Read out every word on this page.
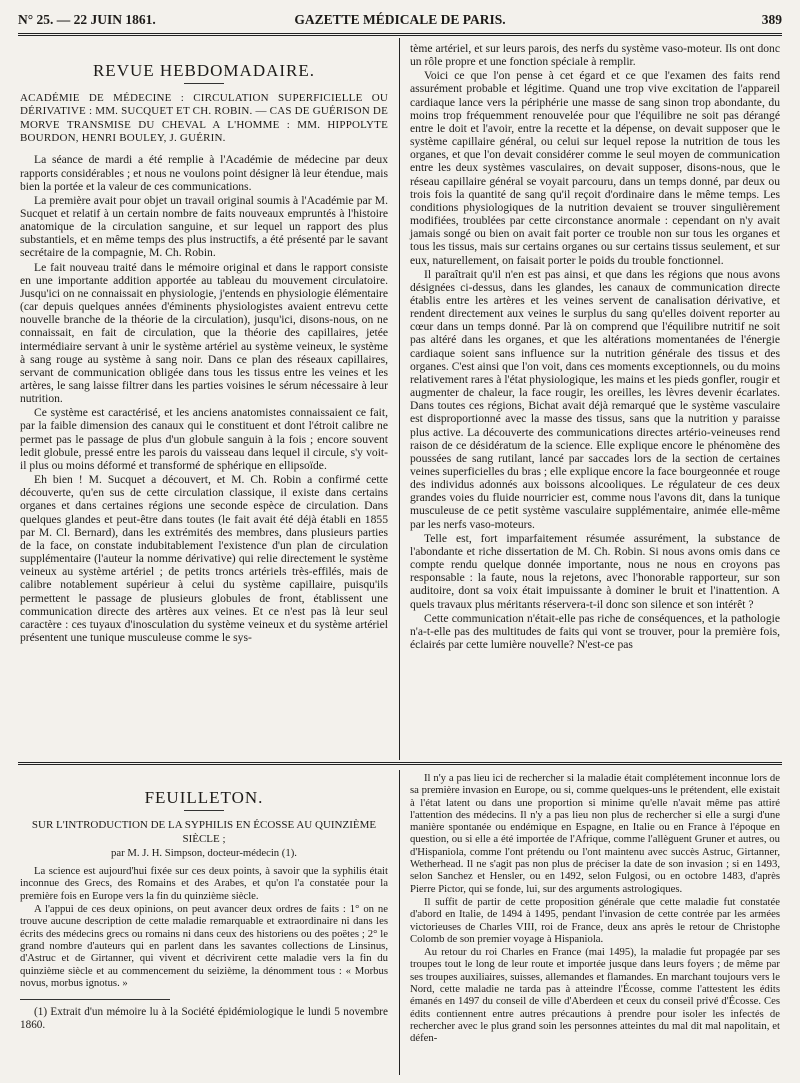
N° 25. — 22 JUIN 1861.	GAZETTE MÉDICALE DE PARIS.	389
REVUE HEBDOMADAIRE.

ACADÉMIE DE MÉDECINE : CIRCULATION SUPERFICIELLE OU DÉRIVATIVE : MM. SUCQUET ET CH. ROBIN. — CAS DE GUÉRISON DE MORVE TRANSMISE DU CHEVAL A L'HOMME : MM. HIPPOLYTE BOURDON, HENRI BOULEY, J. GUÉRIN.

La séance de mardi a été remplie à l'Académie de médecine par deux rapports considérables ; et nous ne voulons point désigner là leur étendue, mais bien la portée et la valeur de ces communications.

La première avait pour objet un travail original soumis à l'Académie par M. Sucquet et relatif à un certain nombre de faits nouveaux empruntés à l'histoire anatomique de la circulation sanguine, et sur lequel un rapport des plus substantiels, et en même temps des plus instructifs, a été présenté par le savant secrétaire de la compagnie, M. Ch. Robin.

Le fait nouveau traité dans le mémoire original et dans le rapport consiste en une importante addition apportée au tableau du mouvement circulatoire. Jusqu'ici on ne connaissait en physiologie, j'entends en physiologie élémentaire (car depuis quelques années d'éminents physiologistes avaient entrevu cette nouvelle branche de la théorie de la circulation), jusqu'ici, disons-nous, on ne connaissait, en fait de circulation, que la théorie des capillaires, jetée intermédiaire servant à unir le système artériel au système veineux, le système à sang rouge au système à sang noir. Dans ce plan des réseaux capillaires, servant de communication obligée dans tous les tissus entre les veines et les artères, le sang laisse filtrer dans les parties voisines le sérum nécessaire à leur nutrition.

Ce système est caractérisé, et les anciens anatomistes connaissaient ce fait, par la faible dimension des canaux qui le constituent et dont l'étroit calibre ne permet pas le passage de plus d'un globule sanguin à la fois ; encore souvent ledit globule, pressé entre les parois du vaisseau dans lequel il circule, s'y voit-il plus ou moins déformé et transformé de sphérique en ellipsoïde.

Eh bien ! M. Sucquet a découvert, et M. Ch. Robin a confirmé cette découverte, qu'en sus de cette circulation classique, il existe dans certains organes et dans certaines régions une seconde espèce de circulation. Dans quelques glandes et peut-être dans toutes (le fait avait été déjà établi en 1855 par M. Cl. Bernard), dans les extrémités des membres, dans plusieurs parties de la face, on constate indubitablement l'existence d'un plan de circulation supplémentaire (l'auteur la nomme dérivative) qui relie directement le système veineux au système artériel ; de petits troncs artériels très-effilés, mais de calibre notablement supérieur à celui du système capillaire, puisqu'ils permettent le passage de plusieurs globules de front, établissent une communication directe des artères aux veines. Et ce n'est pas là leur seul caractère : ces tuyaux d'inosculation du système veineux et du système artériel présentent une tunique musculeuse comme le sys-

tème artériel, et sur leurs parois, des nerfs du système vaso-moteur. Ils ont donc un rôle propre et une fonction spéciale à remplir.

Voici ce que l'on pense à cet égard et ce que l'examen des faits rend assurément probable et légitime. Quand une trop vive excitation de l'appareil cardiaque lance vers la périphérie une masse de sang sinon trop abondante, du moins trop fréquemment renouvelée pour que l'équilibre ne soit pas dérangé entre le doit et l'avoir, entre la recette et la dépense, on devait supposer que le système capillaire général, ou celui sur lequel repose la nutrition de tous les organes, et que l'on devait considérer comme le seul moyen de communication entre les deux systèmes vasculaires, on devait supposer, disons-nous, que le réseau capillaire général se voyait parcouru, dans un temps donné, par deux ou trois fois la quantité de sang qu'il reçoit d'ordinaire dans le même temps. Les conditions physiologiques de la nutrition devaient se trouver singulièrement modifiées, troublées par cette circonstance anormale : cependant on n'y avait jamais songé ou bien on avait fait porter ce trouble non sur tous les organes et tous les tissus, mais sur certains organes ou sur certains tissus seulement, et sur eux, naturellement, on faisait porter le poids du trouble fonctionnel.

Il paraîtrait qu'il n'en est pas ainsi, et que dans les régions que nous avons désignées ci-dessus, dans les glandes, les canaux de communication directe établis entre les artères et les veines servent de canalisation dérivative, et rendent directement aux veines le surplus du sang qu'elles doivent reporter au cœur dans un temps donné. Par là on comprend que l'équilibre nutritif ne soit pas altéré dans les organes, et que les altérations momentanées de l'énergie cardiaque soient sans influence sur la nutrition générale des tissus et des organes. C'est ainsi que l'on voit, dans ces moments exceptionnels, ou du moins relativement rares à l'état physiologique, les mains et les pieds gonfler, rougir et augmenter de chaleur, la face rougir, les oreilles, les lèvres devenir écarlates. Dans toutes ces régions, Bichat avait déjà remarqué que le système vasculaire est disproportionné avec la masse des tissus, sans que la nutrition y paraisse plus active. La découverte des communications directes artério-veineuses rend raison de ce désidératum de la science. Elle explique encore le phénomène des poussées de sang rutilant, lancé par saccades lors de la section de certaines veines superficielles du bras ; elle explique encore la face bourgeonnée et rouge des individus adonnés aux boissons alcooliques. Le régulateur de ces deux grandes voies du fluide nourricier est, comme nous l'avons dit, dans la tunique musculeuse de ce petit système vasculaire supplémentaire, animée elle-même par les nerfs vaso-moteurs.

Telle est, fort imparfaitement résumée assurément, la substance de l'abondante et riche dissertation de M. Ch. Robin. Si nous avons omis dans ce compte rendu quelque donnée importante, nous ne nous en croyons pas responsable : la faute, nous la rejetons, avec l'honorable rapporteur, sur son auditoire, dont sa voix était impuissante à dominer le bruit et l'inattention. A quels travaux plus méritants réservera-t-il donc son silence et son intérêt ?

Cette communication n'était-elle pas riche de conséquences, et la pathologie n'a-t-elle pas des multitudes de faits qui vont se trouver, pour la première fois, éclairés par cette lumière nouvelle? N'est-ce pas

FEUILLETON.

SUR L'INTRODUCTION DE LA SYPHILIS EN ÉCOSSE AU QUINZIÈME SIÈCLE ;

par M. J. H. Simpson, docteur-médecin (1).

La science est aujourd'hui fixée sur ces deux points, à savoir que la syphilis était inconnue des Grecs, des Romains et des Arabes, et qu'on l'a constatée pour la première fois en Europe vers la fin du quinzième siècle.

A l'appui de ces deux opinions, on peut avancer deux ordres de faits : 1° on ne trouve aucune description de cette maladie remarquable et extraordinaire ni dans les écrits des médecins grecs ou romains ni dans ceux des historiens ou des poëtes ; 2° le grand nombre d'auteurs qui en parlent dans les savantes collections de Linsinus, d'Astruc et de Girtanner, qui vivent et décrivirent cette maladie vers la fin du quinzième siècle et au commencement du seizième, la dénomment tous : « Morbus novus, morbus ignotus. »

(1) Extrait d'un mémoire lu à la Société épidémiologique le lundi 5 novembre 1860.

Il n'y a pas lieu ici de rechercher si la maladie était complétement inconnue lors de sa première invasion en Europe, ou si, comme quelques-uns le prétendent, elle existait à l'état latent ou dans une proportion si minime qu'elle n'avait même pas attiré l'attention des médecins. Il n'y a pas lieu non plus de rechercher si elle a surgi d'une manière spontanée ou endémique en Espagne, en Italie ou en France à l'époque en question, ou si elle a été importée de l'Afrique, comme l'allèguent Gruner et autres, ou d'Hispaniola, comme l'ont prétendu ou l'ont maintenu avec succès Astruc, Girtanner, Wetherhead. Il ne s'agit pas non plus de préciser la date de son invasion ; si en 1493, selon Sanchez et Hensler, ou en 1492, selon Fulgosi, ou en octobre 1483, d'après Pierre Pictor, qui se fonde, lui, sur des arguments astrologiques.

Il suffit de partir de cette proposition générale que cette maladie fut constatée d'abord en Italie, de 1494 à 1495, pendant l'invasion de cette contrée par les armées victorieuses de Charles VIII, roi de France, deux ans après le retour de Christophe Colomb de son premier voyage à Hispaniola.

Au retour du roi Charles en France (mai 1495), la maladie fut propagée par ses troupes tout le long de leur route et importée jusque dans leurs foyers ; de même par ses troupes auxiliaires, suisses, allemandes et flamandes. En marchant toujours vers le Nord, cette maladie ne tarda pas à atteindre l'Écosse, comme l'attestent les édits émanés en 1497 du conseil de ville d'Aberdeen et ceux du conseil privé d'Écosse. Ces édits contiennent entre autres précautions à prendre pour isoler les infectés de rechercher avec le plus grand soin les personnes atteintes du mal dit mal napolitain, et défen-
